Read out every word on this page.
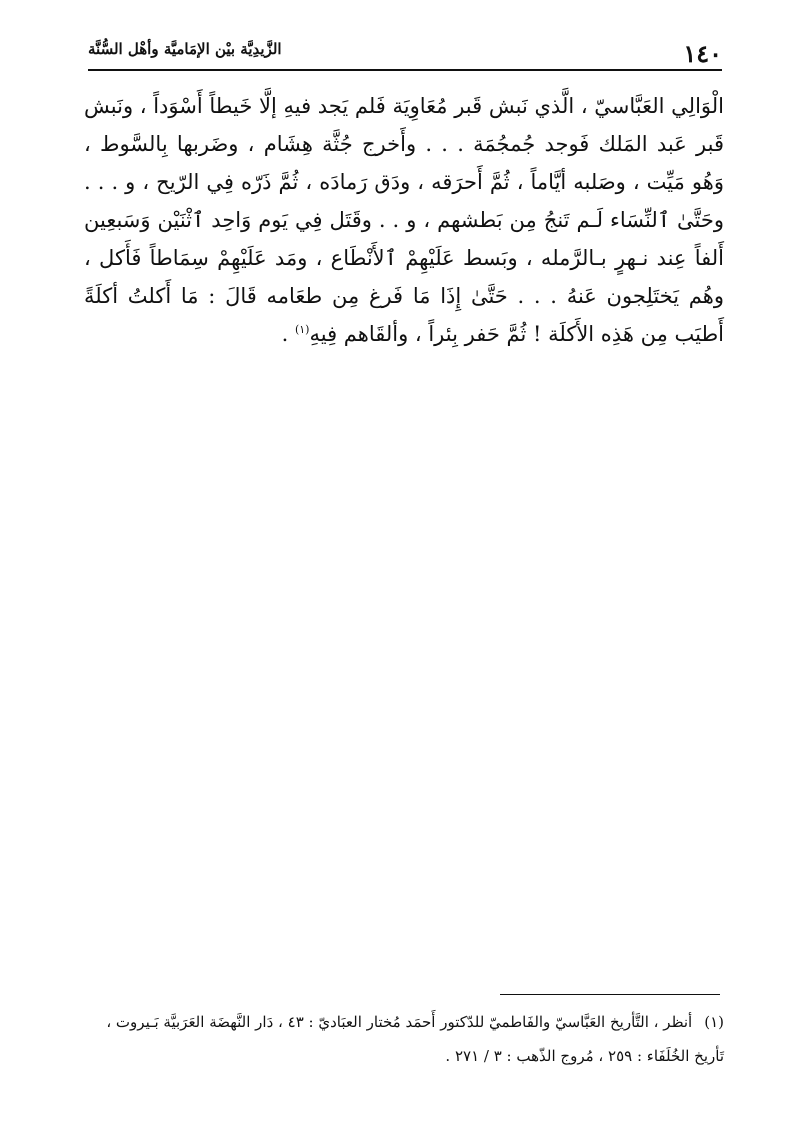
١٤٠
الزَّيدِيَّة بيْن الإمَاميَّة وأهْل السُّنَّة

الْوَالِي العَبَّاسيّ ، الَّذي نَبش قَبر مُعَاوِيَة فَلم يَجد فيهِ إلَّا خَيطاً أَسْوَداً ، ونَبش قَبر عَبد المَلك فَوجد جُمجُمَة . . . وأَخرج جُثَّة هِشَام ، وضَربها بِالسَّوط ، وَهُو مَيِّت ، وصَلبه أيَّاماً ، ثُمَّ أَحرَقه ، ودَق رَمادَه ، ثُمَّ ذَرّه فِي الرّيح ، و . . . وحَتَّىٰ ٱلنِّسَاء لَـم تَنجُ مِن بَطشهم ، و . . وقَتَل فِي يَوم وَاحِد ٱثْنَيْن وَسَبعِين أَلفاً عِند نـهرٍ بـالرَّمله ، وبَسط عَلَيْهِمْ ٱلأَنْطَاع ، ومَد عَلَيْهِمْ سِمَاطاً فَأَكل ، وهُم يَختَلِجون عَنهُ . . . حَتَّىٰ إِذَا مَا فَرغ مِن طعَامه قَالَ : مَا أَكلتُ أكلَةً أَطيَب مِن هَذِه الأَكلَة ! ثُمَّ حَفر بِئراً ، وألقَاهم فِيهِ$^{(١)}$ .

(١)أنظر ، التَّأريخ العَبَّاسيّ والفَاطميّ للدّكتور أَحمَد مُختار العبَاديّ : ٤٣ ، دَار النَّهضَة العَرَبيَّة بَـيروت ، تَأريخ الخُلَفَاء : ٢٥٩ ، مُروج الذّهب : ٣ / ٢٧١ .
